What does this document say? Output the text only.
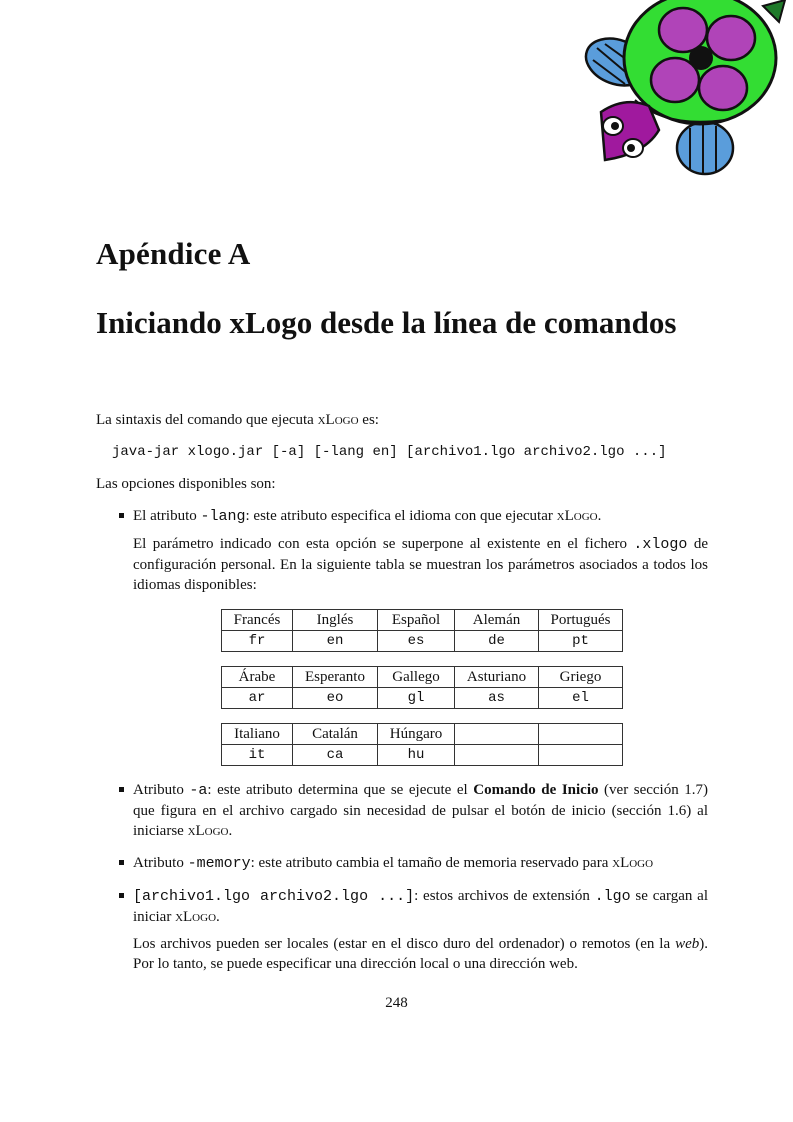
Apéndice A
Iniciando xLogo desde la línea de comandos

La sintaxis del comando que ejecuta xLogo es:

java-jar xlogo.jar [-a] [-lang en] [archivo1.lgo archivo2.lgo ...]

Las opciones disponibles son:

El atributo -lang: este atributo especifica el idioma con que ejecutar xLogo.

El parámetro indicado con esta opción se superpone al existente en el fichero .xlogo de configuración personal. En la siguiente tabla se muestran los parámetros asociados a todos los idiomas disponibles:

Francés	Inglés	Español	Alemán	Portugués
fr	en	es	de	pt
Árabe	Esperanto	Gallego	Asturiano	Griego
ar	eo	gl	as	el
Italiano	Catalán	Húngaro		
it	ca	hu		

Atributo -a: este atributo determina que se ejecute el Comando de Inicio (ver sección 1.7) que figura en el archivo cargado sin necesidad de pulsar el botón de inicio (sección 1.6) al iniciarse xLogo.

Atributo -memory: este atributo cambia el tamaño de memoria reservado para xLogo

[archivo1.lgo archivo2.lgo ...]: estos archivos de extensión .lgo se cargan al iniciar xLogo.

Los archivos pueden ser locales (estar en el disco duro del ordenador) o remotos (en la web). Por lo tanto, se puede especificar una dirección local o una dirección web.

248
